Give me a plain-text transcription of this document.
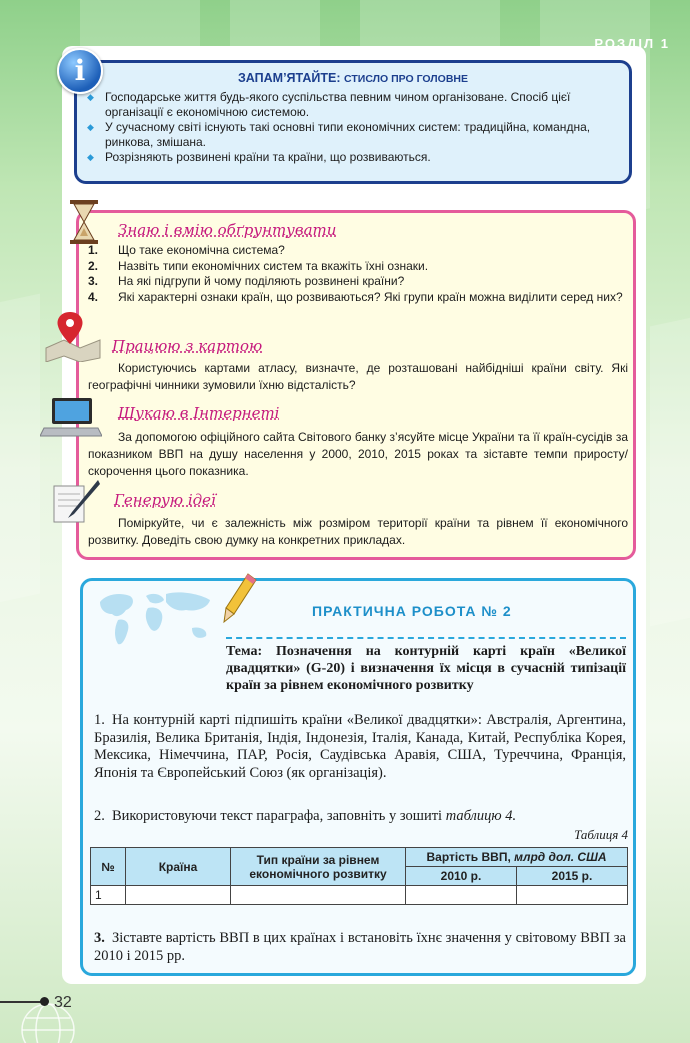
РОЗДІЛ 1
ЗАПАМ’ЯТАЙТЕ: СТИСЛО ПРО ГОЛОВНЕ
◆ Господарське життя будь-якого суспільства певним чином організоване. Спосіб цієї організації є економічною системою.
◆ У сучасному світі існують такі основні типи економічних систем: традиційна, командна, ринкова, змішана.
◆ Розрізняють розвинені країни та країни, що розвиваються.
i
Знаю і вмію обґрунтувати
1. Що таке економічна система?
2. Назвіть типи економічних систем та вкажіть їхні ознаки.
3. На які підгрупи й чому поділяють розвинені країни?
4. Які характерні ознаки країн, що розвиваються? Які групи країн можна виділити серед них?
Працюю з картою
Користуючись картами атласу, визначте, де розташовані найбідніші країни світу. Які географічні чинники зумовили їхню відсталість?
Шукаю в Інтернеті
За допомогою офіційного сайта Світового банку з’ясуйте місце України та її країн-сусідів за показником ВВП на душу населення у 2000, 2010, 2015 роках та зіставте темпи приросту/скорочення цього показника.
Генерую ідеї
Поміркуйте, чи є залежність між розміром території країни та рівнем її економічного розвитку. Доведіть свою думку на конкретних прикладах.
ПРАКТИЧНА РОБОТА № 2
Тема: Позначення на контурній карті країн «Великої двадцятки» (G-20) і визначення їх місця в сучасній типізації країн за рівнем економічного розвитку
1. На контурній карті підпишіть країни «Великої двадцятки»: Австралія, Аргентина, Бразилія, Велика Британія, Індія, Індонезія, Італія, Канада, Китай, Республіка Корея, Мексика, Німеччина, ПАР, Росія, Саудівська Аравія, США, Туреччина, Франція, Японія та Європейський Союз (як організація).
2. Використовуючи текст параграфа, заповніть у зошиті таблицю 4.
Таблиця 4
№	Країна	Тип країни за рівнем економічного розвитку	Вартість ВВП, млрд дол. США	
			2010 р.	2015 р.
1				
3. Зіставте вартість ВВП в цих країнах і встановіть їхнє значення у світовому ВВП за 2010 і 2015 рр.
32
